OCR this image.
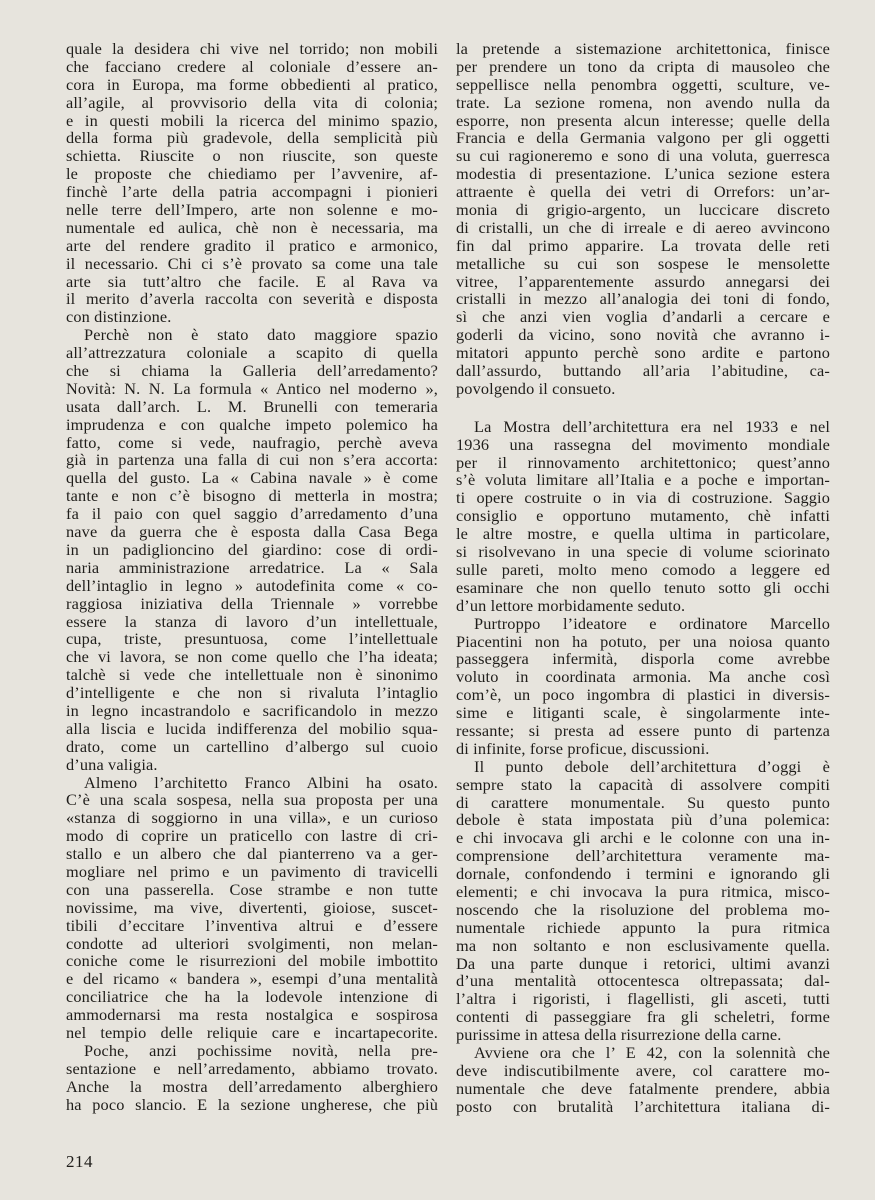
quale la desidera chi vive nel torrido; non mobili
che facciano credere al coloniale d’essere an-
cora in Europa, ma forme obbedienti al pratico,
all’agile, al provvisorio della vita di colonia;
e in questi mobili la ricerca del minimo spazio,
della forma più gradevole, della semplicità più
schietta. Riuscite o non riuscite, son queste
le proposte che chiediamo per l’avvenire, af-
finchè l’arte della patria accompagni i pionieri
nelle terre dell’Impero, arte non solenne e mo-
numentale ed aulica, chè non è necessaria, ma
arte del rendere gradito il pratico e armonico,
il necessario. Chi ci s’è provato sa come una tale
arte sia tutt’altro che facile. E al Rava va
il merito d’averla raccolta con severità e disposta
con distinzione.
Perchè non è stato dato maggiore spazio
all’attrezzatura coloniale a scapito di quella
che si chiama la Galleria dell’arredamento?
Novità: N. N. La formula « Antico nel moderno »,
usata dall’arch. L. M. Brunelli con temeraria
imprudenza e con qualche impeto polemico ha
fatto, come si vede, naufragio, perchè aveva
già in partenza una falla di cui non s’era accorta:
quella del gusto. La « Cabina navale » è come
tante e non c’è bisogno di metterla in mostra;
fa il paio con quel saggio d’arredamento d’una
nave da guerra che è esposta dalla Casa Bega
in un padiglioncino del giardino: cose di ordi-
naria amministrazione arredatrice. La « Sala
dell’intaglio in legno » autodefinita come « co-
raggiosa iniziativa della Triennale » vorrebbe
essere la stanza di lavoro d’un intellettuale,
cupa, triste, presuntuosa, come l’intellettuale
che vi lavora, se non come quello che l’ha ideata;
talchè si vede che intellettuale non è sinonimo
d’intelligente e che non si rivaluta l’intaglio
in legno incastrandolo e sacrificandolo in mezzo
alla liscia e lucida indifferenza del mobilio squa-
drato, come un cartellino d’albergo sul cuoio
d’una valigia.
Almeno l’architetto Franco Albini ha osato.
C’è una scala sospesa, nella sua proposta per una
«stanza di soggiorno in una villa», e un curioso
modo di coprire un praticello con lastre di cri-
stallo e un albero che dal pianterreno va a ger-
mogliare nel primo e un pavimento di travicelli
con una passerella. Cose strambe e non tutte
novissime, ma vive, divertenti, gioiose, suscet-
tibili d’eccitare l’inventiva altrui e d’essere
condotte ad ulteriori svolgimenti, non melan-
coniche come le risurrezioni del mobile imbottito
e del ricamo « bandera », esempi d’una mentalità
conciliatrice che ha la lodevole intenzione di
ammodernarsi ma resta nostalgica e sospirosa
nel tempio delle reliquie care e incartapecorite.
Poche, anzi pochissime novità, nella pre-
sentazione e nell’arredamento, abbiamo trovato.
Anche la mostra dell’arredamento alberghiero
ha poco slancio. E la sezione ungherese, che più
la pretende a sistemazione architettonica, finisce
per prendere un tono da cripta di mausoleo che
seppellisce nella penombra oggetti, sculture, ve-
trate. La sezione romena, non avendo nulla da
esporre, non presenta alcun interesse; quelle della
Francia e della Germania valgono per gli oggetti
su cui ragioneremo e sono di una voluta, guerresca
modestia di presentazione. L’unica sezione estera
attraente è quella dei vetri di Orrefors: un’ar-
monia di grigio-argento, un luccicare discreto
di cristalli, un che di irreale e di aereo avvincono
fin dal primo apparire. La trovata delle reti
metalliche su cui son sospese le mensolette
vitree, l’apparentemente assurdo annegarsi dei
cristalli in mezzo all’analogia dei toni di fondo,
sì che anzi vien voglia d’andarli a cercare e
goderli da vicino, sono novità che avranno i-
mitatori appunto perchè sono ardite e partono
dall’assurdo, buttando all’aria l’abitudine, ca-
povolgendo il consueto.
La Mostra dell’architettura era nel 1933 e nel
1936 una rassegna del movimento mondiale
per il rinnovamento architettonico; quest’anno
s’è voluta limitare all’Italia e a poche e importan-
ti opere costruite o in via di costruzione. Saggio
consiglio e opportuno mutamento, chè infatti
le altre mostre, e quella ultima in particolare,
si risolvevano in una specie di volume sciorinato
sulle pareti, molto meno comodo a leggere ed
esaminare che non quello tenuto sotto gli occhi
d’un lettore morbidamente seduto.
Purtroppo l’ideatore e ordinatore Marcello
Piacentini non ha potuto, per una noiosa quanto
passeggera infermità, disporla come avrebbe
voluto in coordinata armonia. Ma anche così
com’è, un poco ingombra di plastici in diversis-
sime e litiganti scale, è singolarmente inte-
ressante; si presta ad essere punto di partenza
di infinite, forse proficue, discussioni.
Il punto debole dell’architettura d’oggi è
sempre stato la capacità di assolvere compiti
di carattere monumentale. Su questo punto
debole è stata impostata più d’una polemica:
e chi invocava gli archi e le colonne con una in-
comprensione dell’architettura veramente ma-
dornale, confondendo i termini e ignorando gli
elementi; e chi invocava la pura ritmica, misco-
noscendo che la risoluzione del problema mo-
numentale richiede appunto la pura ritmica
ma non soltanto e non esclusivamente quella.
Da una parte dunque i retorici, ultimi avanzi
d’una mentalità ottocentesca oltrepassata; dal-
l’altra i rigoristi, i flagellisti, gli asceti, tutti
contenti di passeggiare fra gli scheletri, forme
purissime in attesa della risurrezione della carne.
Avviene ora che l’ E 42, con la solennità che
deve indiscutibilmente avere, col carattere mo-
numentale che deve fatalmente prendere, abbia
posto con brutalità l’architettura italiana di-
214
